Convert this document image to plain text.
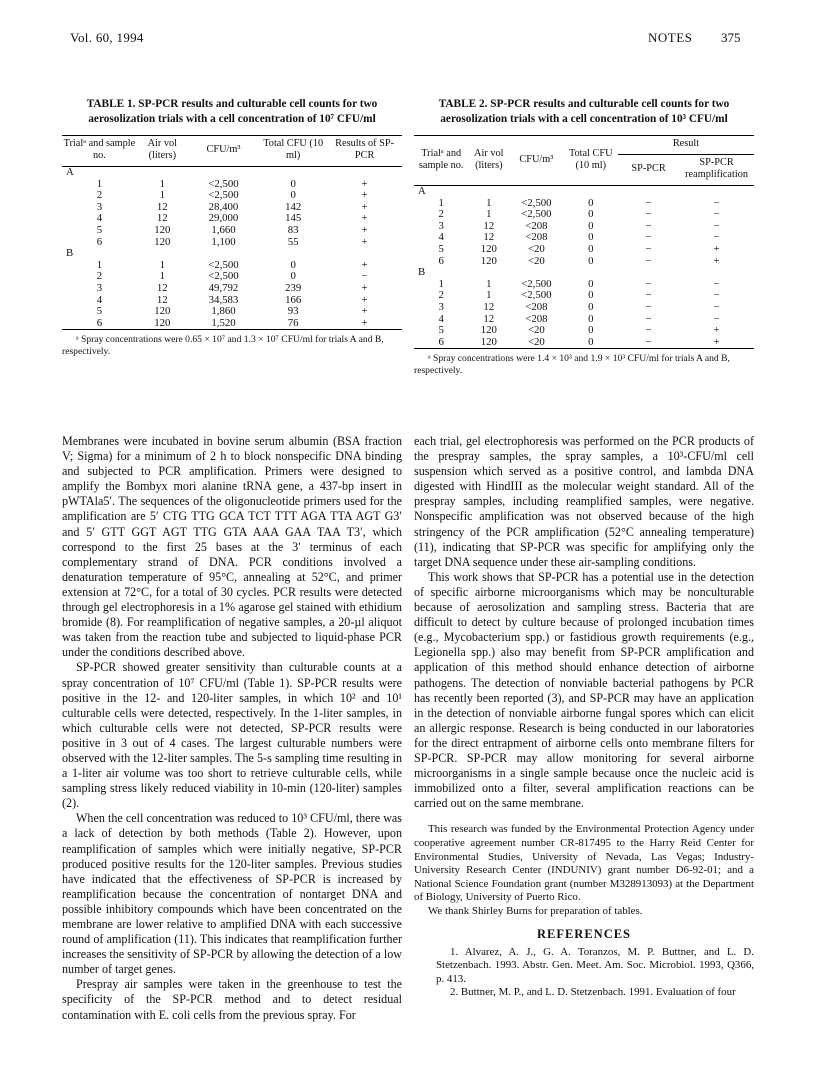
Vol. 60, 1994	NOTES 375
TABLE 1. SP-PCR results and culturable cell counts for two aerosolization trials with a cell concentration of 10⁷ CFU/ml
Trialᵃ and sample no.	Air vol (liters)	CFU/m³	Total CFU (10 ml)	Results of SP-PCR
A				
1	1	<2,500	0	+
2	1	<2,500	0	+
3	12	28,400	142	+
4	12	29,000	145	+
5	120	1,660	83	+
6	120	1,100	55	+
B				
1	1	<2,500	0	+
2	1	<2,500	0	−
3	12	49,792	239	+
4	12	34,583	166	+
5	120	1,860	93	+
6	120	1,520	76	+
ᵃ Spray concentrations were 0.65 × 10⁷ and 1.3 × 10⁷ CFU/ml for trials A and B, respectively.

Membranes were incubated in bovine serum albumin (BSA fraction V; Sigma) for a minimum of 2 h to block nonspecific DNA binding and subjected to PCR amplification. Primers were designed to amplify the Bombyx mori alanine tRNA gene, a 437-bp insert in pWTAla5′. The sequences of the oligonucleotide primers used for the amplification are 5′ CTG TTG GCA TCT TTT AGA TTA AGT G3′ and 5′ GTT GGT AGT TTG GTA AAA GAA TAA T3′, which correspond to the first 25 bases at the 3′ terminus of each complementary strand of DNA. PCR conditions involved a denaturation temperature of 95°C, annealing at 52°C, and primer extension at 72°C, for a total of 30 cycles. PCR results were detected through gel electrophoresis in a 1% agarose gel stained with ethidium bromide (8). For reamplification of negative samples, a 20-µl aliquot was taken from the reaction tube and subjected to liquid-phase PCR under the conditions described above.

SP-PCR showed greater sensitivity than culturable counts at a spray concentration of 10⁷ CFU/ml (Table 1). SP-PCR results were positive in the 12- and 120-liter samples, in which 10² and 10¹ culturable cells were detected, respectively. In the 1-liter samples, in which culturable cells were not detected, SP-PCR results were positive in 3 out of 4 cases. The largest culturable numbers were observed with the 12-liter samples. The 5-s sampling time resulting in a 1-liter air volume was too short to retrieve culturable cells, while sampling stress likely reduced viability in 10-min (120-liter) samples (2).

When the cell concentration was reduced to 10³ CFU/ml, there was a lack of detection by both methods (Table 2). However, upon reamplification of samples which were initially negative, SP-PCR produced positive results for the 120-liter samples. Previous studies have indicated that the effectiveness of SP-PCR is increased by reamplification because the concentration of nontarget DNA and possible inhibitory compounds which have been concentrated on the membrane are lower relative to amplified DNA with each successive round of amplification (11). This indicates that reamplification further increases the sensitivity of SP-PCR by allowing the detection of a low number of target genes.

Prespray air samples were taken in the greenhouse to test the specificity of the SP-PCR method and to detect residual contamination with E. coli cells from the previous spray. For

TABLE 2. SP-PCR results and culturable cell counts for two aerosolization trials with a cell concentration of 10³ CFU/ml
Trialᵃ and sample no.	Air vol (liters)	CFU/m³	Total CFU (10 ml)	Result	
				SP-PCR	SP-PCR reamplification
A					
1	1	<2,500	0	−	−
2	1	<2,500	0	−	−
3	12	<208	0	−	−
4	12	<208	0	−	−
5	120	<20	0	−	+
6	120	<20	0	−	+
B					
1	1	<2,500	0	−	−
2	1	<2,500	0	−	−
3	12	<208	0	−	−
4	12	<208	0	−	−
5	120	<20	0	−	+
6	120	<20	0	−	+
ᵃ Spray concentrations were 1.4 × 10³ and 1.9 × 10³ CFU/ml for trials A and B, respectively.

each trial, gel electrophoresis was performed on the PCR products of the prespray samples, the spray samples, a 10³-CFU/ml cell suspension which served as a positive control, and lambda DNA digested with HindIII as the molecular weight standard. All of the prespray samples, including reamplified samples, were negative. Nonspecific amplification was not observed because of the high stringency of the PCR amplification (52°C annealing temperature) (11), indicating that SP-PCR was specific for amplifying only the target DNA sequence under these air-sampling conditions.

This work shows that SP-PCR has a potential use in the detection of specific airborne microorganisms which may be nonculturable because of aerosolization and sampling stress. Bacteria that are difficult to detect by culture because of prolonged incubation times (e.g., Mycobacterium spp.) or fastidious growth requirements (e.g., Legionella spp.) also may benefit from SP-PCR amplification and application of this method should enhance detection of airborne pathogens. The detection of nonviable bacterial pathogens by PCR has recently been reported (3), and SP-PCR may have an application in the detection of nonviable airborne fungal spores which can elicit an allergic response. Research is being conducted in our laboratories for the direct entrapment of airborne cells onto membrane filters for SP-PCR. SP-PCR may allow monitoring for several airborne microorganisms in a single sample because once the nucleic acid is immobilized onto a filter, several amplification reactions can be carried out on the same membrane.

This research was funded by the Environmental Protection Agency under cooperative agreement number CR-817495 to the Harry Reid Center for Environmental Studies, University of Nevada, Las Vegas; Industry-University Research Center (INDUNIV) grant number D6-92-01; and a National Science Foundation grant (number M328913093) at the Department of Biology, University of Puerto Rico.

We thank Shirley Burns for preparation of tables.

REFERENCES

1. Alvarez, A. J., G. A. Toranzos, M. P. Buttner, and L. D. Stetzenbach. 1993. Abstr. Gen. Meet. Am. Soc. Microbiol. 1993, Q366, p. 413.

2. Buttner, M. P., and L. D. Stetzenbach. 1991. Evaluation of four
